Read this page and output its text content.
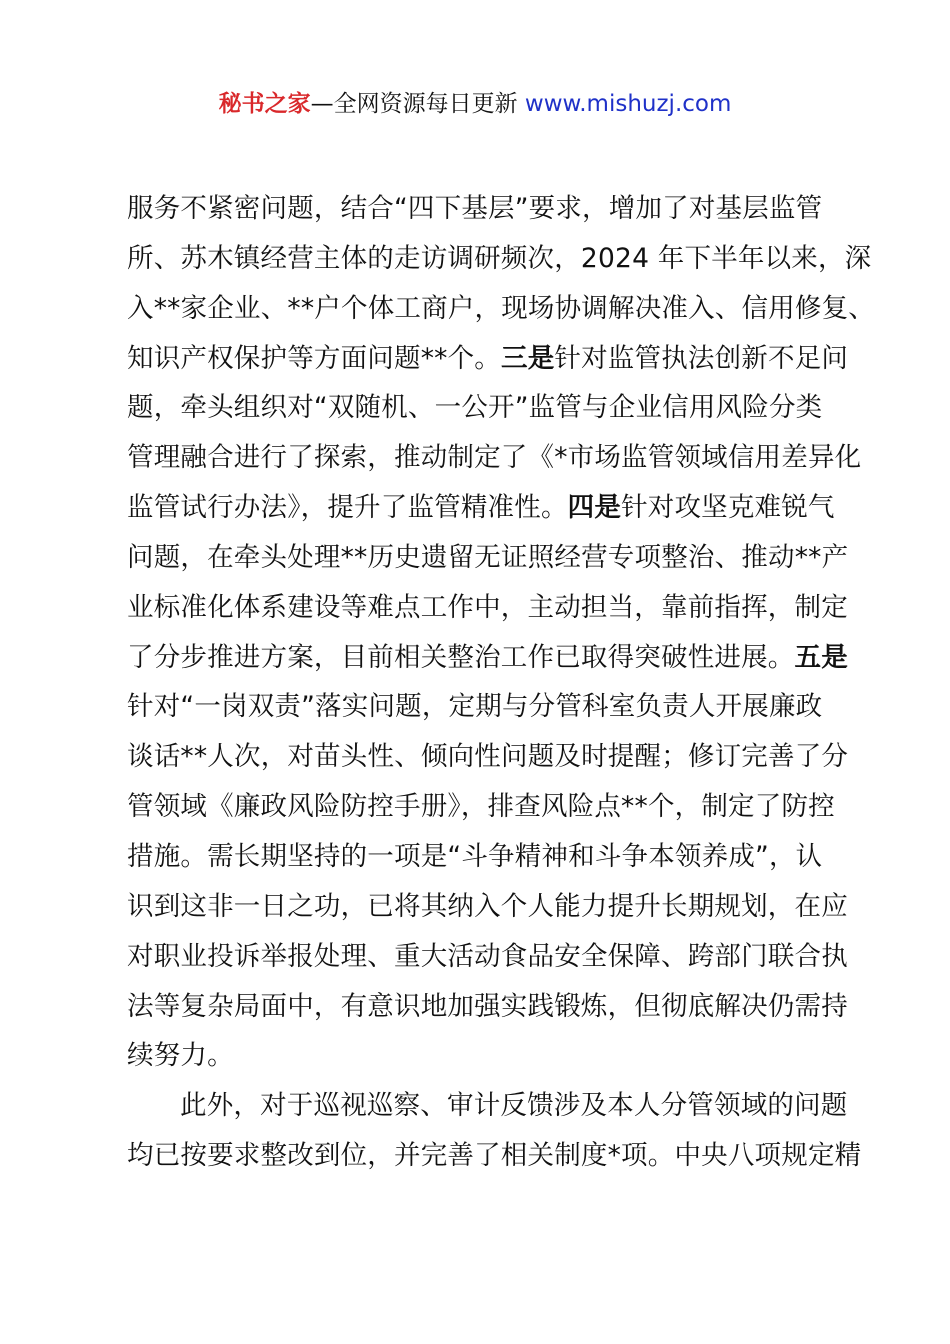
秘书之家—全网资源每日更新 www.mishuzj.com
服务不紧密问题，结合“四下基层”要求，增加了对基层监管
所、苏木镇经营主体的走访调研频次，2024 年下半年以来，深
入**家企业、**户个体工商户，现场协调解决准入、信用修复、
知识产权保护等方面问题**个。三是针对监管执法创新不足问
题，牵头组织对“双随机、一公开”监管与企业信用风险分类
管理融合进行了探索，推动制定了《*市场监管领域信用差异化
监管试行办法》，提升了监管精准性。四是针对攻坚克难锐气
问题，在牵头处理**历史遗留无证照经营专项整治、推动**产
业标准化体系建设等难点工作中，主动担当，靠前指挥，制定
了分步推进方案，目前相关整治工作已取得突破性进展。五是
针对“一岗双责”落实问题，定期与分管科室负责人开展廉政
谈话**人次，对苗头性、倾向性问题及时提醒；修订完善了分
管领域《廉政风险防控手册》，排查风险点**个，制定了防控
措施。需长期坚持的一项是“斗争精神和斗争本领养成”，认
识到这非一日之功，已将其纳入个人能力提升长期规划，在应
对职业投诉举报处理、重大活动食品安全保障、跨部门联合执
法等复杂局面中，有意识地加强实践锻炼，但彻底解决仍需持
续努力。
此外，对于巡视巡察、审计反馈涉及本人分管领域的问题
均已按要求整改到位，并完善了相关制度*项。中央八项规定精
